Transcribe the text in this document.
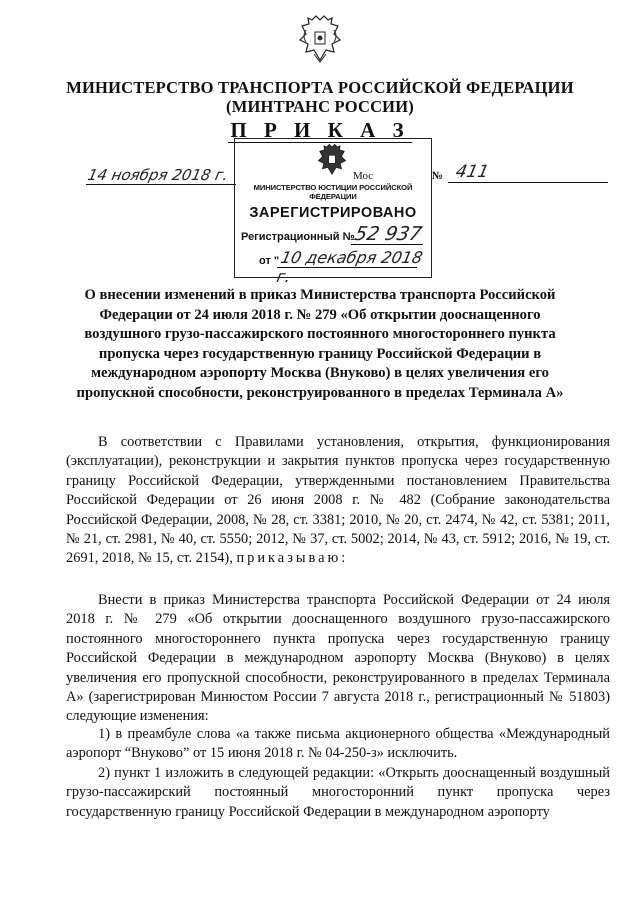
МИНИСТЕРСТВО ТРАНСПОРТА РОССИЙСКОЙ ФЕДЕРАЦИИ
(МИНТРАНС РОССИИ)
П Р И К А З
14 ноября 2018 г.	Мос	№ 411
МИНИСТЕРСТВО ЮСТИЦИИ РОССИЙСКОЙ ФЕДЕРАЦИИ
ЗАРЕГИСТРИРОВАНО
Регистрационный №
52 937
от " 10 декабря 2018 г.
О внесении изменений в приказ Министерства транспорта Российской Федерации от 24 июля 2018 г. № 279 «Об открытии дооснащенного воздушного грузо-пассажирского постоянного многостороннего пункта пропуска через государственную границу Российской Федерации в международном аэропорту Москва (Внуково) в целях увеличения его пропускной способности, реконструированного в пределах Терминала А»
В соответствии с Правилами установления, открытия, функционирования (эксплуатации), реконструкции и закрытия пунктов пропуска через государственную границу Российской Федерации, утвержденными постановлением Правительства Российской Федерации от 26 июня 2008 г. № 482 (Собрание законодательства Российской Федерации, 2008, № 28, ст. 3381; 2010, № 20, ст. 2474, № 42, ст. 5381; 2011, № 21, ст. 2981, № 40, ст. 5550; 2012, № 37, ст. 5002; 2014, № 43, ст. 5912; 2016, № 19, ст. 2691, 2018, № 15, ст. 2154), приказываю:
Внести в приказ Министерства транспорта Российской Федерации от 24 июля 2018 г. № 279 «Об открытии дооснащенного воздушного грузо-пассажирского постоянного многостороннего пункта пропуска через государственную границу Российской Федерации в международном аэропорту Москва (Внуково) в целях увеличения его пропускной способности, реконструированного в пределах Терминала А» (зарегистрирован Минюстом России 7 августа 2018 г., регистрационный № 51803) следующие изменения:
1) в преамбуле слова «а также письма акционерного общества «Международный аэропорт “Внуково” от 15 июня 2018 г. № 04-250-з» исключить.
2) пункт 1 изложить в следующей редакции: «Открыть дооснащенный воздушный грузо-пассажирский постоянный многосторонний пункт пропуска через государственную границу Российской Федерации в международном аэропорту
